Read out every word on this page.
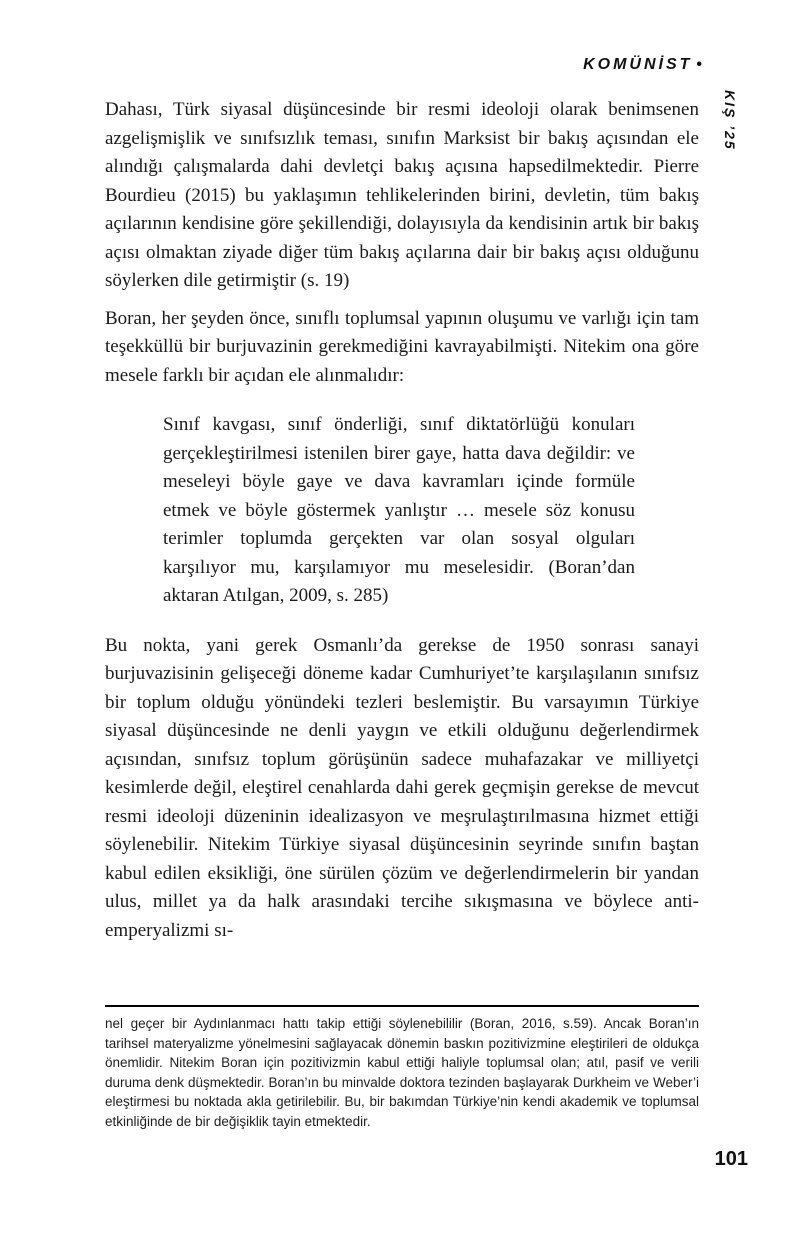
KOMÜNİST •
KIŞ ’25

Dahası, Türk siyasal düşüncesinde bir resmi ideoloji olarak benimsenen azgelişmişlik ve sınıfsızlık teması, sınıfın Marksist bir bakış açısından ele alındığı çalışmalarda dahi devletçi bakış açısına hapsedilmektedir. Pierre Bourdieu (2015) bu yaklaşımın tehlikelerinden birini, devletin, tüm bakış açılarının kendisine göre şekillendiği, dolayısıyla da kendisinin artık bir bakış açısı olmaktan ziyade diğer tüm bakış açılarına dair bir bakış açısı olduğunu söylerken dile getirmiştir (s. 19)

Boran, her şeyden önce, sınıflı toplumsal yapının oluşumu ve varlığı için tam teşekküllü bir burjuvazinin gerekmediğini kavrayabilmişti. Nitekim ona göre mesele farklı bir açıdan ele alınmalıdır:

Sınıf kavgası, sınıf önderliği, sınıf diktatörlüğü konuları gerçekleştirilmesi istenilen birer gaye, hatta dava değildir: ve meseleyi böyle gaye ve dava kavramları içinde formüle etmek ve böyle göstermek yanlıştır … mesele söz konusu terimler toplumda gerçekten var olan sosyal olguları karşılıyor mu, karşılamıyor mu meselesidir. (Boran’dan aktaran Atılgan, 2009, s. 285)

Bu nokta, yani gerek Osmanlı’da gerekse de 1950 sonrası sanayi burjuvazisinin gelişeceği döneme kadar Cumhuriyet’te karşılaşılanın sınıfsız bir toplum olduğu yönündeki tezleri beslemiştir. Bu varsayımın Türkiye siyasal düşüncesinde ne denli yaygın ve etkili olduğunu değerlendirmek açısından, sınıfsız toplum görüşünün sadece muhafazakar ve milliyetçi kesimlerde değil, eleştirel cenahlarda dahi gerek geçmişin gerekse de mevcut resmi ideoloji düzeninin idealizasyon ve meşrulaştırılmasına hizmet ettiği söylenebilir. Nitekim Türkiye siyasal düşüncesinin seyrinde sınıfın baştan kabul edilen eksikliği, öne sürülen çözüm ve değerlendirmelerin bir yandan ulus, millet ya da halk arasındaki tercihe sıkışmasına ve böylece anti-emperyalizmi sı-

nel geçer bir Aydınlanmacı hattı takip ettiği söylenebililir (Boran, 2016, s.59). Ancak Boran’ın tarihsel materyalizme yönelmesini sağlayacak dönemin baskın pozitivizmine eleştirileri de oldukça önemlidir. Nitekim Boran için pozitivizmin kabul ettiği haliyle toplumsal olan; atıl, pasif ve verili duruma denk düşmektedir. Boran’ın bu minvalde doktora tezinden başlayarak Durkheim ve Weber’i eleştirmesi bu noktada akla getirilebilir. Bu, bir bakımdan Türkiye’nin kendi akademik ve toplumsal etkinliğinde de bir değişiklik tayin etmektedir.
101
